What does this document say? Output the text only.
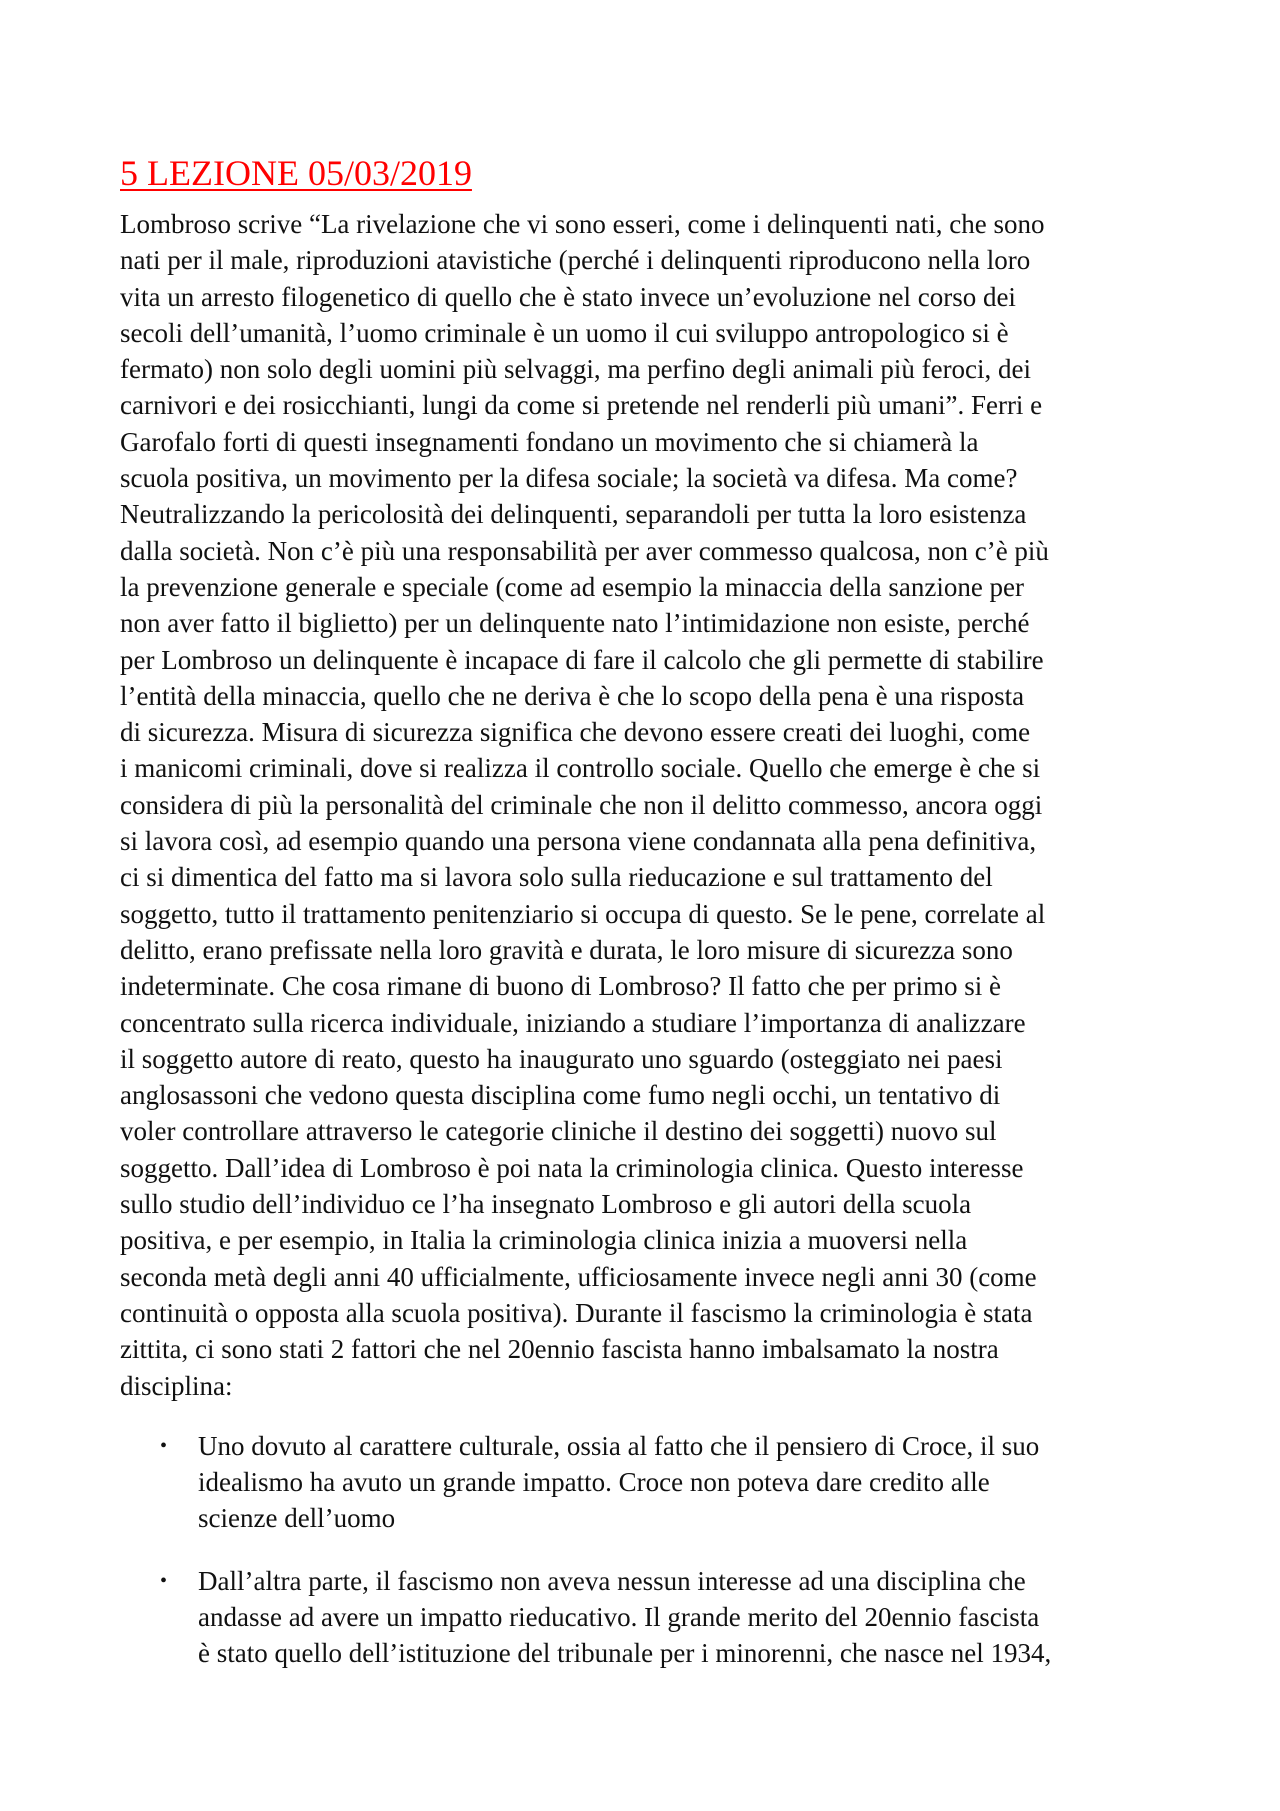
5 LEZIONE 05/03/2019

Lombroso scrive “La rivelazione che vi sono esseri, come i delinquenti nati, che sono
nati per il male, riproduzioni atavistiche (perché i delinquenti riproducono nella loro
vita un arresto filogenetico di quello che è stato invece un’evoluzione nel corso dei
secoli dell’umanità, l’uomo criminale è un uomo il cui sviluppo antropologico si è
fermato) non solo degli uomini più selvaggi, ma perfino degli animali più feroci, dei
carnivori e dei rosicchianti, lungi da come si pretende nel renderli più umani”. Ferri e
Garofalo forti di questi insegnamenti fondano un movimento che si chiamerà la
scuola positiva, un movimento per la difesa sociale; la società va difesa. Ma come?
Neutralizzando la pericolosità dei delinquenti, separandoli per tutta la loro esistenza
dalla società. Non c’è più una responsabilità per aver commesso qualcosa, non c’è più
la prevenzione generale e speciale (come ad esempio la minaccia della sanzione per
non aver fatto il biglietto) per un delinquente nato l’intimidazione non esiste, perché
per Lombroso un delinquente è incapace di fare il calcolo che gli permette di stabilire
l’entità della minaccia, quello che ne deriva è che lo scopo della pena è una risposta
di sicurezza. Misura di sicurezza significa che devono essere creati dei luoghi, come
i manicomi criminali, dove si realizza il controllo sociale. Quello che emerge è che si
considera di più la personalità del criminale che non il delitto commesso, ancora oggi
si lavora così, ad esempio quando una persona viene condannata alla pena definitiva,
ci si dimentica del fatto ma si lavora solo sulla rieducazione e sul trattamento del
soggetto, tutto il trattamento penitenziario si occupa di questo. Se le pene, correlate al
delitto, erano prefissate nella loro gravità e durata, le loro misure di sicurezza sono
indeterminate. Che cosa rimane di buono di Lombroso? Il fatto che per primo si è
concentrato sulla ricerca individuale, iniziando a studiare l’importanza di analizzare
il soggetto autore di reato, questo ha inaugurato uno sguardo (osteggiato nei paesi
anglosassoni che vedono questa disciplina come fumo negli occhi, un tentativo di
voler controllare attraverso le categorie cliniche il destino dei soggetti) nuovo sul
soggetto. Dall’idea di Lombroso è poi nata la criminologia clinica. Questo interesse
sullo studio dell’individuo ce l’ha insegnato Lombroso e gli autori della scuola
positiva, e per esempio, in Italia la criminologia clinica inizia a muoversi nella
seconda metà degli anni 40 ufficialmente, ufficiosamente invece negli anni 30 (come
continuità o opposta alla scuola positiva). Durante il fascismo la criminologia è stata
zittita, ci sono stati 2 fattori che nel 20ennio fascista hanno imbalsamato la nostra
disciplina:

• Uno dovuto al carattere culturale, ossia al fatto che il pensiero di Croce, il suo
idealismo ha avuto un grande impatto. Croce non poteva dare credito alle
scienze dell’uomo
• Dall’altra parte, il fascismo non aveva nessun interesse ad una disciplina che
andasse ad avere un impatto rieducativo. Il grande merito del 20ennio fascista
è stato quello dell’istituzione del tribunale per i minorenni, che nasce nel 1934,
